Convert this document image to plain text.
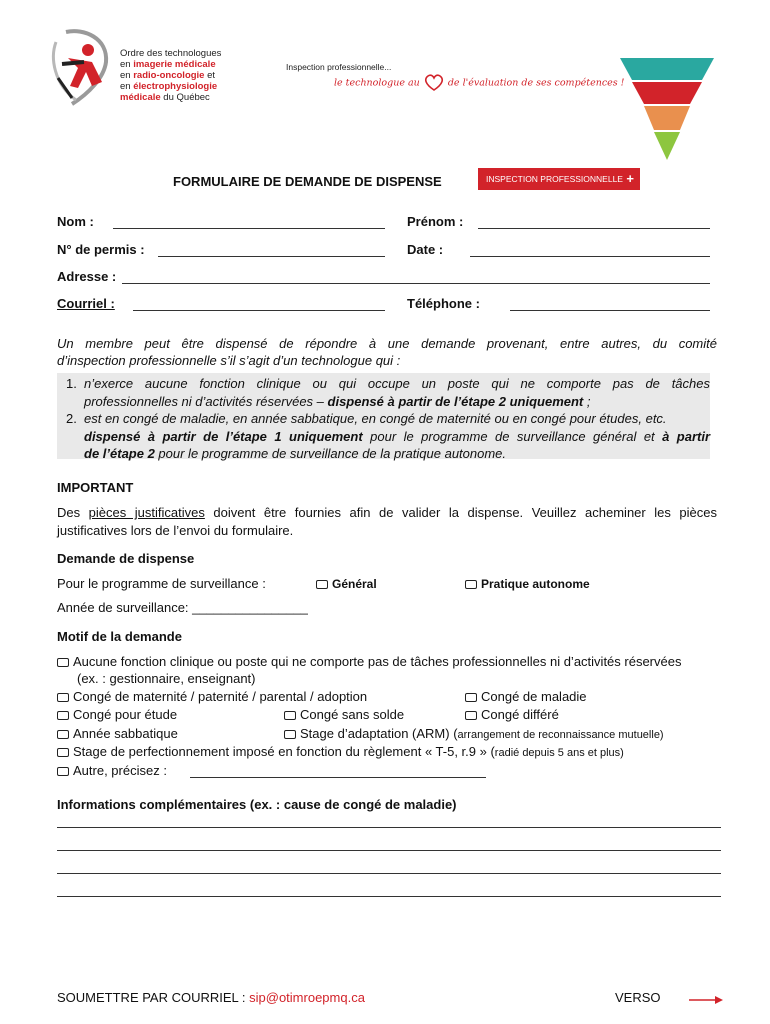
Ordre des technologues
en imagerie médicale
en radio-oncologie et
en électrophysiologie
médicale du Québec
Inspection professionnelle...
le technologue au	de l'évaluation de ses compétences !
FORMULAIRE DE DEMANDE DE DISPENSE	INSPECTION PROFESSIONNELLE +
Nom :	Prénom :
N° de permis :	Date :
Adresse :
Courriel :	Téléphone :
Un membre peut être dispensé de répondre à une demande provenant, entre autres, du comité
d’inspection professionnelle s’il s’agit d’un technologue qui :
1. n’exerce aucune fonction clinique ou qui occupe un poste qui ne comporte pas de tâches
professionnelles ni d’activités réservées – dispensé à partir de l’étape 2 uniquement ;
2. est en congé de maladie, en année sabbatique, en congé de maternité ou en congé pour études, etc.
dispensé à partir de l’étape 1 uniquement pour le programme de surveillance général et à partir
de l’étape 2 pour le programme de surveillance de la pratique autonome.
IMPORTANT
Des pièces justificatives doivent être fournies afin de valider la dispense. Veuillez acheminer les pièces
justificatives lors de l’envoi du formulaire.
Demande de dispense
Pour le programme de surveillance :	Général	Pratique autonome
Année de surveillance: ________________
Motif de la demande
Aucune fonction clinique ou poste qui ne comporte pas de tâches professionnelles ni d’activités réservées
(ex. : gestionnaire, enseignant)
Congé de maternité / paternité / parental / adoption	Congé de maladie
Congé pour étude	Congé sans solde	Congé différé
Année sabbatique	Stage d’adaptation (ARM) (arrangement de reconnaissance mutuelle)
Stage de perfectionnement imposé en fonction du règlement « T-5, r.9 » (radié depuis 5 ans et plus)
Autre, précisez :
Informations complémentaires (ex. : cause de congé de maladie)
SOUMETTRE PAR COURRIEL : sip@otimroepmq.ca	VERSO
